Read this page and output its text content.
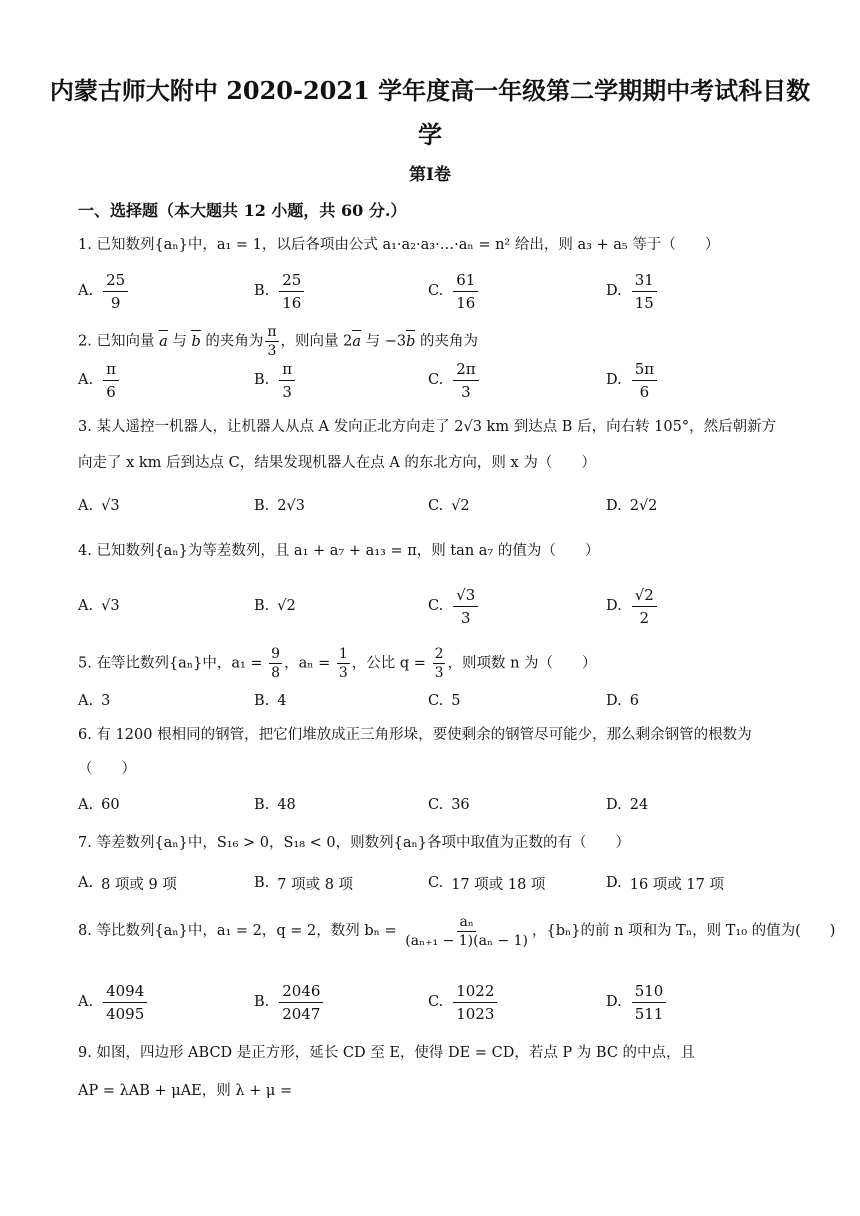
内蒙古师大附中 2020-2021 学年度高一年级第二学期期中考试科目数
学
第Ⅰ卷
一、选择题（本大题共 12 小题，共 60 分.）
1. 已知数列{aₙ}中，a₁ = 1，以后各项由公式 a₁·a₂·a₃·…·aₙ = n² 给出，则 a₃ + a₅ 等于（　　）
A. $\frac{25}{9}$	B. $\frac{25}{16}$	C. $\frac{61}{16}$	D. $\frac{31}{15}$
2. 已知向量 a 与 b 的夹角为 $\frac{\pi}{3}$ ，则向量 2a 与 −3b 的夹角为
A. $\frac{\pi}{6}$	B. $\frac{\pi}{3}$	C. $\frac{2\pi}{3}$	D. $\frac{5\pi}{6}$
3. 某人遥控一机器人，让机器人从点 A 发向正北方向走了 2√3 km 到达点 B 后，向右转 105°，然后朝新方
向走了 x km 后到达点 C，结果发现机器人在点 A 的东北方向，则 x 为（　　）
A. √3	B. 2√3	C. √2	D. 2√2
4. 已知数列{aₙ}为等差数列，且 a₁ + a₇ + a₁₃ = π，则 tan a₇ 的值为（　　）
A. √3	B. √2	C. $\frac{√3}{3}$	D. $\frac{√2}{2}$
5. 在等比数列{aₙ}中，$a_1 = \frac{9}{8}$ ，$a_n = \frac{1}{3}$ ，公比 $q = \frac{2}{3}$ ，则项数 n 为（　　）
A. 3	B. 4	C. 5	D. 6
6. 有 1200 根相同的钢管，把它们堆放成正三角形垛，要使剩余的钢管尽可能少，那么剩余钢管的根数为
（　　）
A. 60	B. 48	C. 36	D. 24
7. 等差数列{aₙ}中，S₁₆ > 0，S₁₈ < 0，则数列{aₙ}各项中取值为正数的有（　　）
A. 8 项或 9 项	B. 7 项或 8 项	C. 17 项或 18 项	D. 16 项或 17 项
8. 等比数列{aₙ}中，a₁ = 2，q = 2，数列 $b_n = \frac{\text{aₙ}}{\text{(aₙ₊₁ − 1)(aₙ − 1)}}$ ，{bₙ}的前 n 项和为 Tₙ，则 T₁₀ 的值为(　　)
A. $\frac{4094}{4095}$	B. $\frac{2046}{2047}$	C. $\frac{1022}{1023}$	D. $\frac{510}{511}$
9. 如图，四边形 ABCD 是正方形，延长 CD 至 E，使得 DE = CD，若点 P 为 BC 的中点，且
AP = λAB + μAE，则 λ + μ =
